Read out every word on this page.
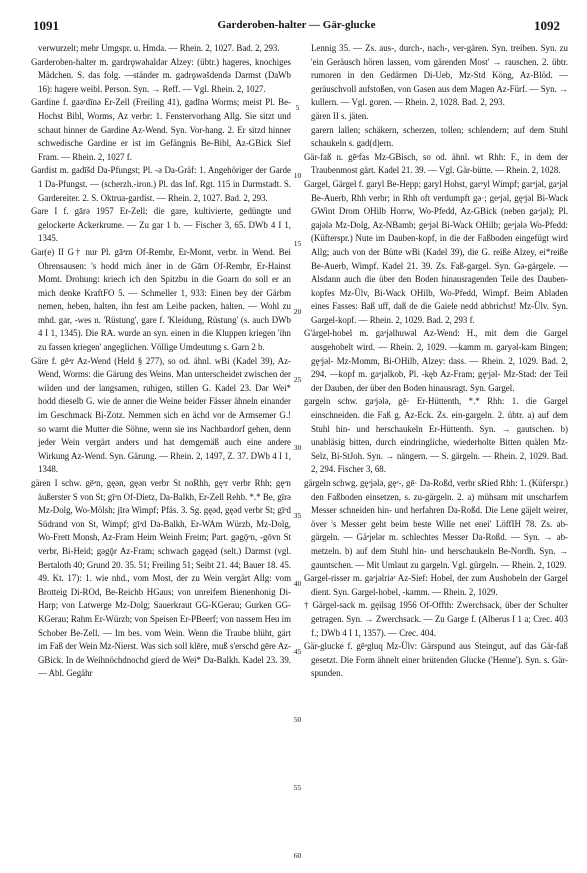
1091	Garderoben-halter — Gär-glucke	1092

verwurzelt; mehr Umgspr. u. Hmda. — Rhein. 2, 1027. Bad. 2, 293.

Garderoben-halter m. gardrǫwəhaldər Alzey: (übtr.) hageres, knochiges Mädchen. S. das folg. —ständer m. gadrǫwəšdendə Darmst (DaWb 16): hagere weibl. Person. Syn. → Reff. — Vgl. Rhein. 2, 1027.

Gardine f. gaəʳdīnə Er-Zell (Freiling 41), gadīnə Worms; meist Pl. Be-Hochst Bibl, Worms, Az verbr: 1. Fenstervorhang Allg. Sie sitzt und schaut hinner de Gardine Az-Wend. Syn. Vor-hang. 2. Er sitzd hinner schwedische Gardine er ist im Gefängnis Be-Bibl, Az-GBick Sief Fram. — Rhein. 2, 1027 f.

Gardist m. gadīšd Da-Pfungst; Pl. -ə Da-Gräf: 1. Angehöriger der Garde 1 Da-Pfungst. — (scherzh.-iron.) Pl. das Inf. Rgt. 115 in Darmstadt. S. Gardereiter. 2. S. Oktrua-gardist. — Rhein. 2, 1027. Bad. 2, 293.

Gare I f. gārə 1957 Er-Zell: die gare, kultivierte, gedüngte und gelockerte Ackerkrume. — Zu gar 1 b. — Fischer 3, 65. DWb 4 I 1, 1345.

Gar(e) II G† nur Pl. gāᵊrn Of-Rembr, Er-Momt, verbr. in Wend. Bei Ohrensausen: 's hodd mich äner in de Gārn Of-Rembr, Er-Hainst Momt. Drohung: kriech ich den Spitzbu in die Goarn do soll er an mich denke KraftFO 5. — Schmeller 1, 933: Einen bey der Gärbm nemen, heben, halten, ihn fest am Leibe packen, halten. — Wohl zu mhd. gar, -wes n. 'Rüstung', gare f. 'Kleidung, Rüstung' (s. auch DWb 4 I 1, 1345). Die RA. wurde an syn. einen in die Kluppen kriegen 'ihn zu fassen kriegen' angeglichen. Völlige Umdeutung s. Garn 2 b.

Gäre f. gēᵊr Az-Wend (Held § 277), so od. ähnl. wBi (Kadel 39), Az-Wend, Worms: die Gärung des Weins. Man unterscheidet zwischen der wilden und der langsamen, ruhigen, stillen G. Kadel 23. Dər Wei* hodd dieselb G. wie de anner die Weine beider Fässer ähneln einander im Geschmack Bi-Zotz. Nemmen sich en ächd vor de Armsemer G.! so warnt die Mutter die Söhne, wenn sie ins Nachbardorf gehen, denn jeder Wein vergärt anders und hat demgemäß auch eine andere Wirkung Az-Wend. Syn. Gärung. — Rhein. 2, 1497, Z. 37. DWb 4 I 1, 1348.

gären I schw. gēᵊn, gęən, gęən verbr St noRhh, gęᵊr verbr Rhh; gęᵊn äußerster S von St; gīᵊn Of-Dietz, Da-Balkh, Er-Zell Rehb. *.* Be, gīrə Mz-Dolg, Wo-Mölsh; jīrə Wimpf; Pfäs. 3. Sg. gęəd, gęəd verbr St; gīᵊd Südrand von St, Wimpf; gīᵊd Da-Balkh, Er-WAm Würzb, Mz-Dolg, Wo-Frett Monsh, Az-Fram Heim Weinh Freim; Part. gəgǭᵊn, -gōvn St verbr, Bi-Heid; gəgǭr Az-Fram; schwach gəgęəd (selt.) Darmst (vgl. Bertaloth 40; Grund 20. 35. 51; Freiling 51; Seibt 21. 44; Bauer 18. 45. 49. Kt. 17): 1. wie nhd., vom Most, der zu Wein vergärt Allg: vom Brotteig Di-ROd, Be-Reichb HGaus; von unreifem Bienenhonig Di-Harp; von Latwerge Mz-Dolg; Sauerkraut GG-KGerau; Gurken GG-KGerau; Rahm Er-Würzb; von Speisen Er-PBeerf; von nassem Heu im Schober Be-Zell. — Im bes. vom Wein. Wenn die Traube blüht, gärt im Faß der Wein Mz-Nierst. Was sich soll klēre, muß s'erschd gēre Az-GBick. In de Weihnöchdnochd gierd de Wei* Da-Balkh. Kadel 23. 39. — Abl. Gegähr

5
10
15
20
25
30
35
40
45
50
55
60

Lennig 35. — Zs. aus-, durch-, nach-, ver-gären. Syn. treiben. Syn. zu 'ein Geräusch hören lassen, vom gärenden Most' → rauschen. 2. übtr. rumoren in den Gedärmen Di-Ueb, Mz-Std Köng, Az-Blöd. — geräuschvoll aufstoßen, von Gasen aus dem Magen Az-Fürf. — Syn. → kullern. — Vgl. goren. — Rhein. 2, 1028. Bad. 2, 293.

gären II s. jäten.

garern lallen; schäkern, scherzen, tollen; schlendern; auf dem Stuhl schaukeln s. gad(d)ern.

Gär-faß n. gēᵊfas Mz-GBisch, so od. ähnl. wt Rhh: F., in dem der Traubenmost gärt. Kadel 21. 39. — Vgl. Gär-bütte. — Rhein. 2, 1028.

Gargel, Gärgel f. garyl Be-Hepp; garyl Hohst, garᵊyl Wimpf; garᵊjəl, gaᵊjəl Be-Auerb, Rhh verbr; in Rhh oft verdumpft gə·; geᵊjəl, gęᵊjəl Bi-Wack GWint Drom OHilb Horrw, Wo-Pfedd, Az-GBick (neben gaᵊjəl); Pl. gajələ Mz-Dolg, Az-NBamb; geᵊjəl Bi-Wack OHilb; geᵊjələ Wo-Pfedd: (Küfterspr.) Nute im Dauben-kopf, in die der Faßboden eingefügt wird Allg; auch von der Bütte wBi (Kadel 39), die G. reiße Alzey, ei*reiße Be-Auerb, Wimpf. Kadel 21. 39. Zs. Faß-gargel. Syn. Gə-gärgele. — Alsdann auch die über den Boden hinausragenden Teile des Dauben-kopfes Mz-Ülv, Bi-Wack OHilb, Wo-Pfedd, Wimpf. Beim Abladen eines Fasses: Baß uff, daß de die Gaiele nedd abbrichst! Mz-Ülv. Syn. Gargel-kopf. — Rhein. 2, 1029. Bad. 2, 293 f.

G'ärgel-hobel m. gaᵊjəlhuwəl Az-Wend: H., mit dem die Gargel ausgehobelt wird. — Rhein. 2, 1029. —kamm m. garyəl-kam Bingen; gęᵊjəl- Mz-Momm, Bi-OHilb, Alzey: dass. — Rhein. 2, 1029. Bad. 2, 294. —kopf m. gaᵊjəlkob, Pl. -kęb Az-Fram; gęᵊjəl- Mz-Stad: der Teil der Dauben, der über den Boden hinausragt. Syn. Gargel.

gargeln schw. gaᵊjələ, gē· Er-Hüttenth, *.* Rhh: 1. die Gargel einschneiden. die Faß g. Az-Eck. Zs. ein-gargeln. 2. übtr. a) auf dem Stuhl hin- und herschaukeln Er-Hüttenth. Syn. → gautschen. b) unabläsig bitten, durch eindringliche, wiederholte Bitten quälen Mz-Selz, Bi-StJoh. Syn. → nängern. — S. gärgeln. — Rhein. 2, 1029. Bad. 2, 294. Fischer 3, 68.

gärgeln schwg. gęᵊjələ, gęᵊ-, gē· Da-Roßd, verbr sRied Rhh: 1. (Küferspr.) den Faßboden einsetzen, s. zu-gärgeln. 2. a) mühsam mit unscharfem Messer schneiden hin- und herfahren Da-Roßd. Die Lene gäjelt weirer, över 's Messer geht beim beste Wille net enei' LöffIH 78. Zs. ab-gärgeln. — Gäᵊjelər m. schlechtes Messer Da-Roßd. — Syn. → ab-metzeln. b) auf dem Stuhl hin- und herschaukeln Be-Nordh. Syn. → gauntschen. — Mit Umlaut zu gargeln. Vgl. gürgeln. — Rhein. 2, 1029.

Gargel-risser m. gaᵊjəlriəʳ Az-Sief: Hobel, der zum Aushobeln der Gargel dient. Syn. Gargel-hobel, -kamm. — Rhein. 2, 1029.

† Gärgel-sack m. gęilsag 1956 Of-Offth: Zwerchsack, über der Schulter getragen. Syn. → Zwerchsack. — Zu Garge f. (Alberus I 1 a; Crec. 403 f.; DWb 4 I 1, 1357). — Crec. 404.

Gär-glucke f. gēᵊgluq Mz-Ülv: Gärspund aus Steingut, auf das Gär-faß gesetzt. Die Form ähnelt einer brütenden Glucke ('Henne'). Syn. s. Gär-spunden.
